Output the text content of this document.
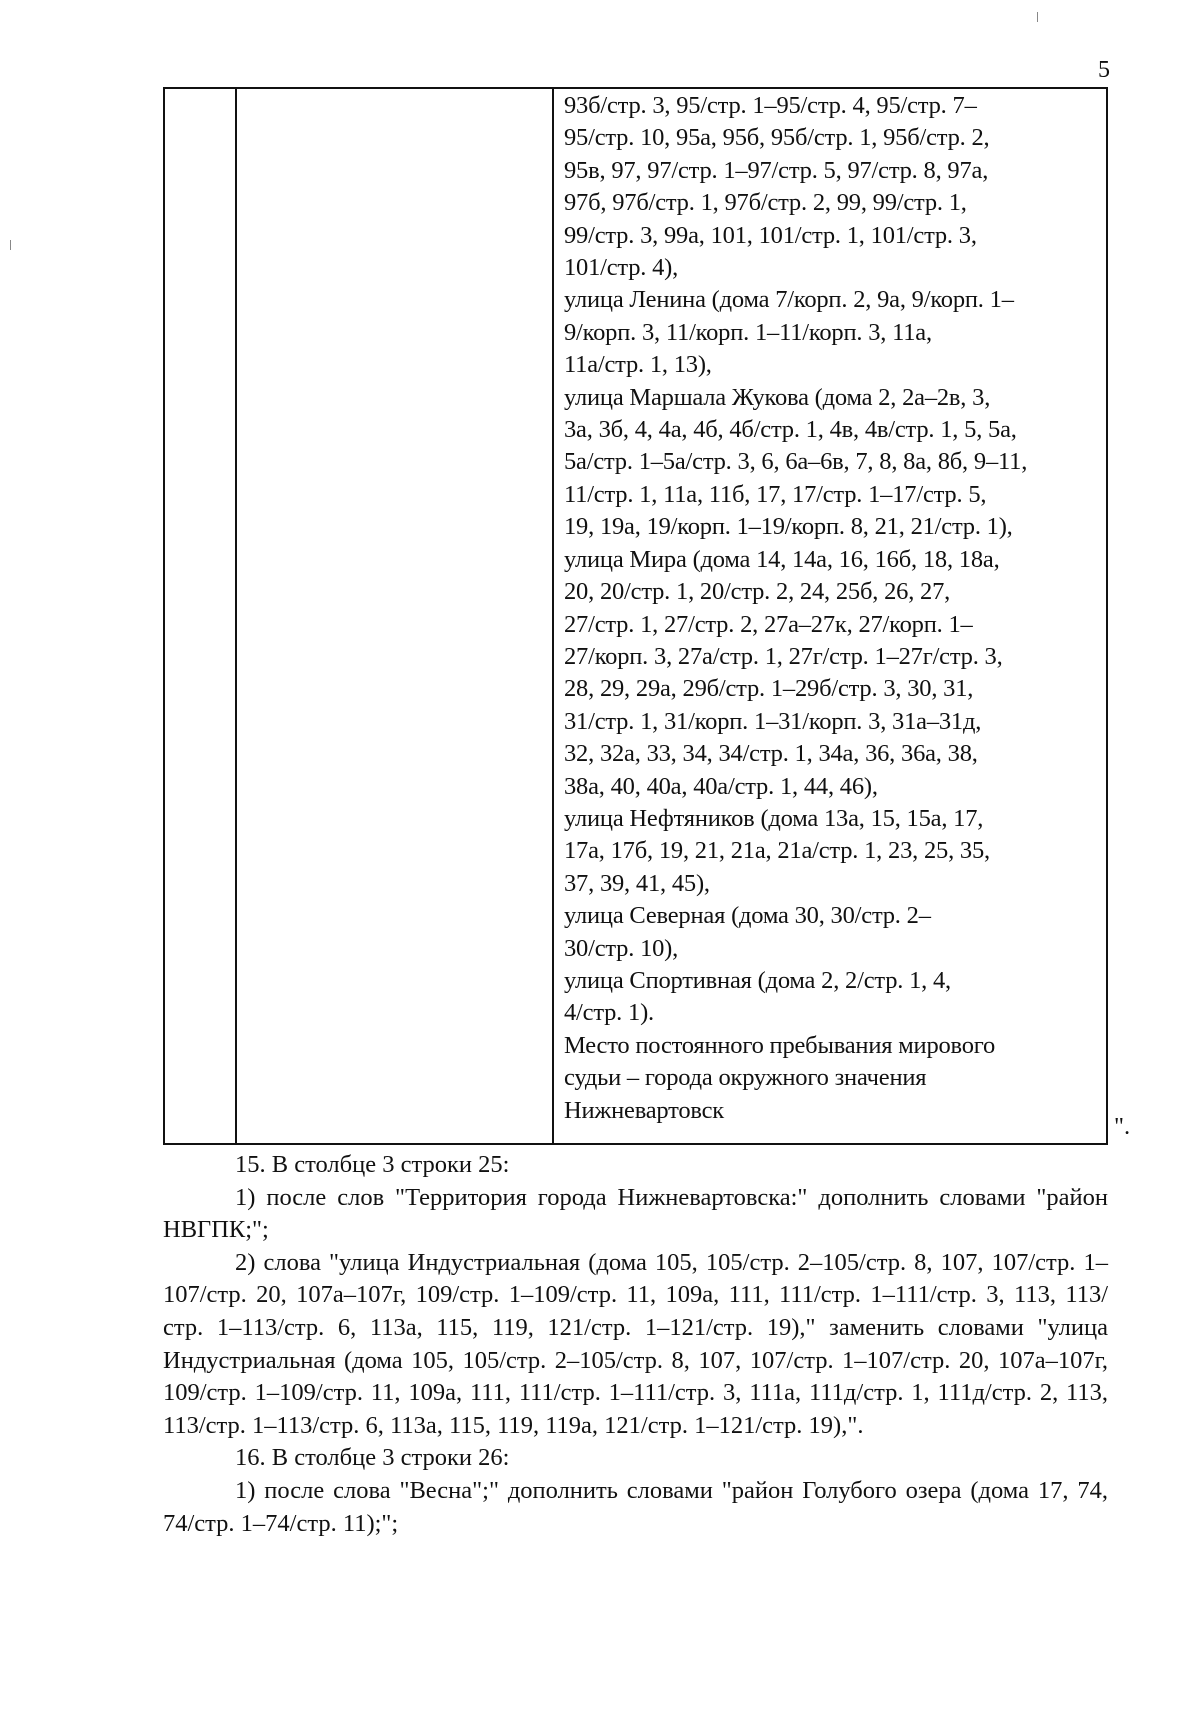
5
93б/стр. 3, 95/стр. 1–95/стр. 4, 95/стр. 7–
95/стр. 10, 95а, 95б, 95б/стр. 1, 95б/стр. 2,
95в, 97, 97/стр. 1–97/стр. 5, 97/стр. 8, 97а,
97б, 97б/стр. 1, 97б/стр. 2, 99, 99/стр. 1,
99/стр. 3, 99а, 101, 101/стр. 1, 101/стр. 3,
101/стр. 4),
улица Ленина (дома 7/корп. 2, 9а, 9/корп. 1–
9/корп. 3, 11/корп. 1–11/корп. 3, 11а,
11а/стр. 1, 13),
улица Маршала Жукова (дома 2, 2а–2в, 3,
3а, 3б, 4, 4а, 4б, 4б/стр. 1, 4в, 4в/стр. 1, 5, 5а,
5а/стр. 1–5а/стр. 3, 6, 6а–6в, 7, 8, 8а, 8б, 9–11,
11/стр. 1, 11а, 11б, 17, 17/стр. 1–17/стр. 5,
19, 19а, 19/корп. 1–19/корп. 8, 21, 21/стр. 1),
улица Мира (дома 14, 14а, 16, 16б, 18, 18а,
20, 20/стр. 1, 20/стр. 2, 24, 25б, 26, 27,
27/стр. 1, 27/стр. 2, 27а–27к, 27/корп. 1–
27/корп. 3, 27а/стр. 1, 27г/стр. 1–27г/стр. 3,
28, 29, 29а, 29б/стр. 1–29б/стр. 3, 30, 31,
31/стр. 1, 31/корп. 1–31/корп. 3, 31а–31д,
32, 32а, 33, 34, 34/стр. 1, 34а, 36, 36а, 38,
38а, 40, 40а, 40а/стр. 1, 44, 46),
улица Нефтяников (дома 13а, 15, 15а, 17,
17а, 17б, 19, 21, 21а, 21а/стр. 1, 23, 25, 35,
37, 39, 41, 45),
улица Северная (дома 30, 30/стр. 2–
30/стр. 10),
улица Спортивная (дома 2, 2/стр. 1, 4,
4/стр. 1).
Место постоянного пребывания мирового
судьи – города окружного значения
Нижневартовск
".

15. В столбце 3 строки 25:

1) после слов "Территория города Нижневартовска:" дополнить словами "район НВГПК;";

2) слова "улица Индустриальная (дома 105, 105/стр. 2–105/стр. 8, 107, 107/стр. 1–107/стр. 20, 107а–107г, 109/стр. 1–109/стр. 11, 109а, 111, 111/стр. 1–111/стр. 3, 113, 113/стр. 1–113/стр. 6, 113а, 115, 119, 121/стр. 1–121/стр. 19)," заменить словами "улица Индустриальная (дома 105, 105/стр. 2–105/стр. 8, 107, 107/стр. 1–107/стр. 20, 107а–107г, 109/стр. 1–109/стр. 11, 109а, 111, 111/стр. 1–111/стр. 3, 111а, 111д/стр. 1, 111д/стр. 2, 113, 113/стр. 1–113/стр. 6, 113а, 115, 119, 119а, 121/стр. 1–121/стр. 19),".

16. В столбце 3 строки 26:

1) после слова "Весна";" дополнить словами "район Голубого озера (дома 17, 74, 74/стр. 1–74/стр. 11);";
